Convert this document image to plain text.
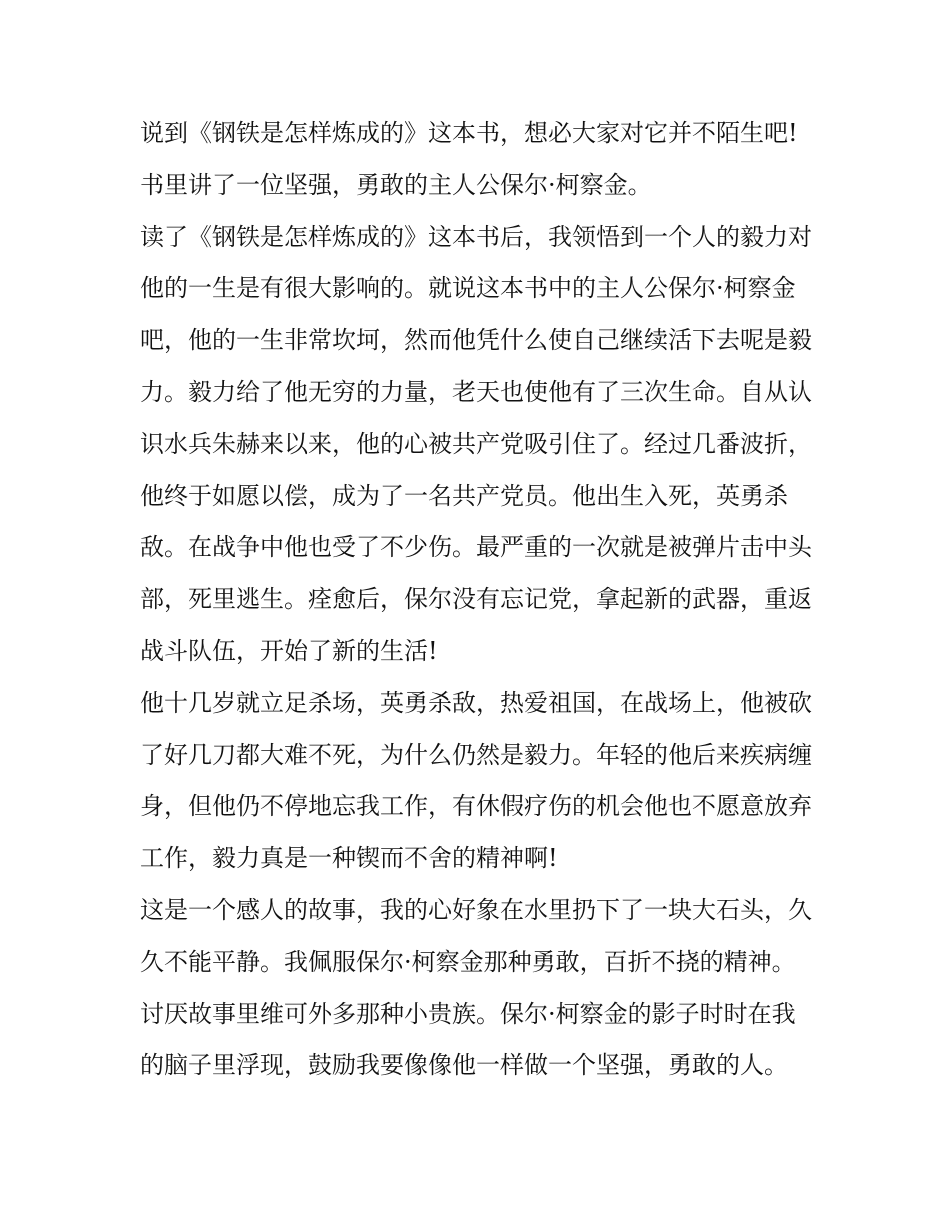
说到《钢铁是怎样炼成的》这本书，想必大家对它并不陌生吧!书里讲了一位坚强，勇敢的主人公保尔·柯察金。

读了《钢铁是怎样炼成的》这本书后，我领悟到一个人的毅力对他的一生是有很大影响的。就说这本书中的主人公保尔·柯察金吧，他的一生非常坎坷，然而他凭什么使自己继续活下去呢是毅力。毅力给了他无穷的力量，老天也使他有了三次生命。自从认识水兵朱赫来以来，他的心被共产党吸引住了。经过几番波折，他终于如愿以偿，成为了一名共产党员。他出生入死，英勇杀敌。在战争中他也受了不少伤。最严重的一次就是被弹片击中头部，死里逃生。痊愈后，保尔没有忘记党，拿起新的武器，重返战斗队伍，开始了新的生活!

他十几岁就立足杀场，英勇杀敌，热爱祖国，在战场上，他被砍了好几刀都大难不死，为什么仍然是毅力。年轻的他后来疾病缠身，但他仍不停地忘我工作，有休假疗伤的机会他也不愿意放弃工作，毅力真是一种锲而不舍的精神啊!

这是一个感人的故事，我的心好象在水里扔下了一块大石头，久久不能平静。我佩服保尔·柯察金那种勇敢，百折不挠的精神。讨厌故事里维可外多那种小贵族。保尔·柯察金的影子时时在我的脑子里浮现，鼓励我要像像他一样做一个坚强，勇敢的人。
